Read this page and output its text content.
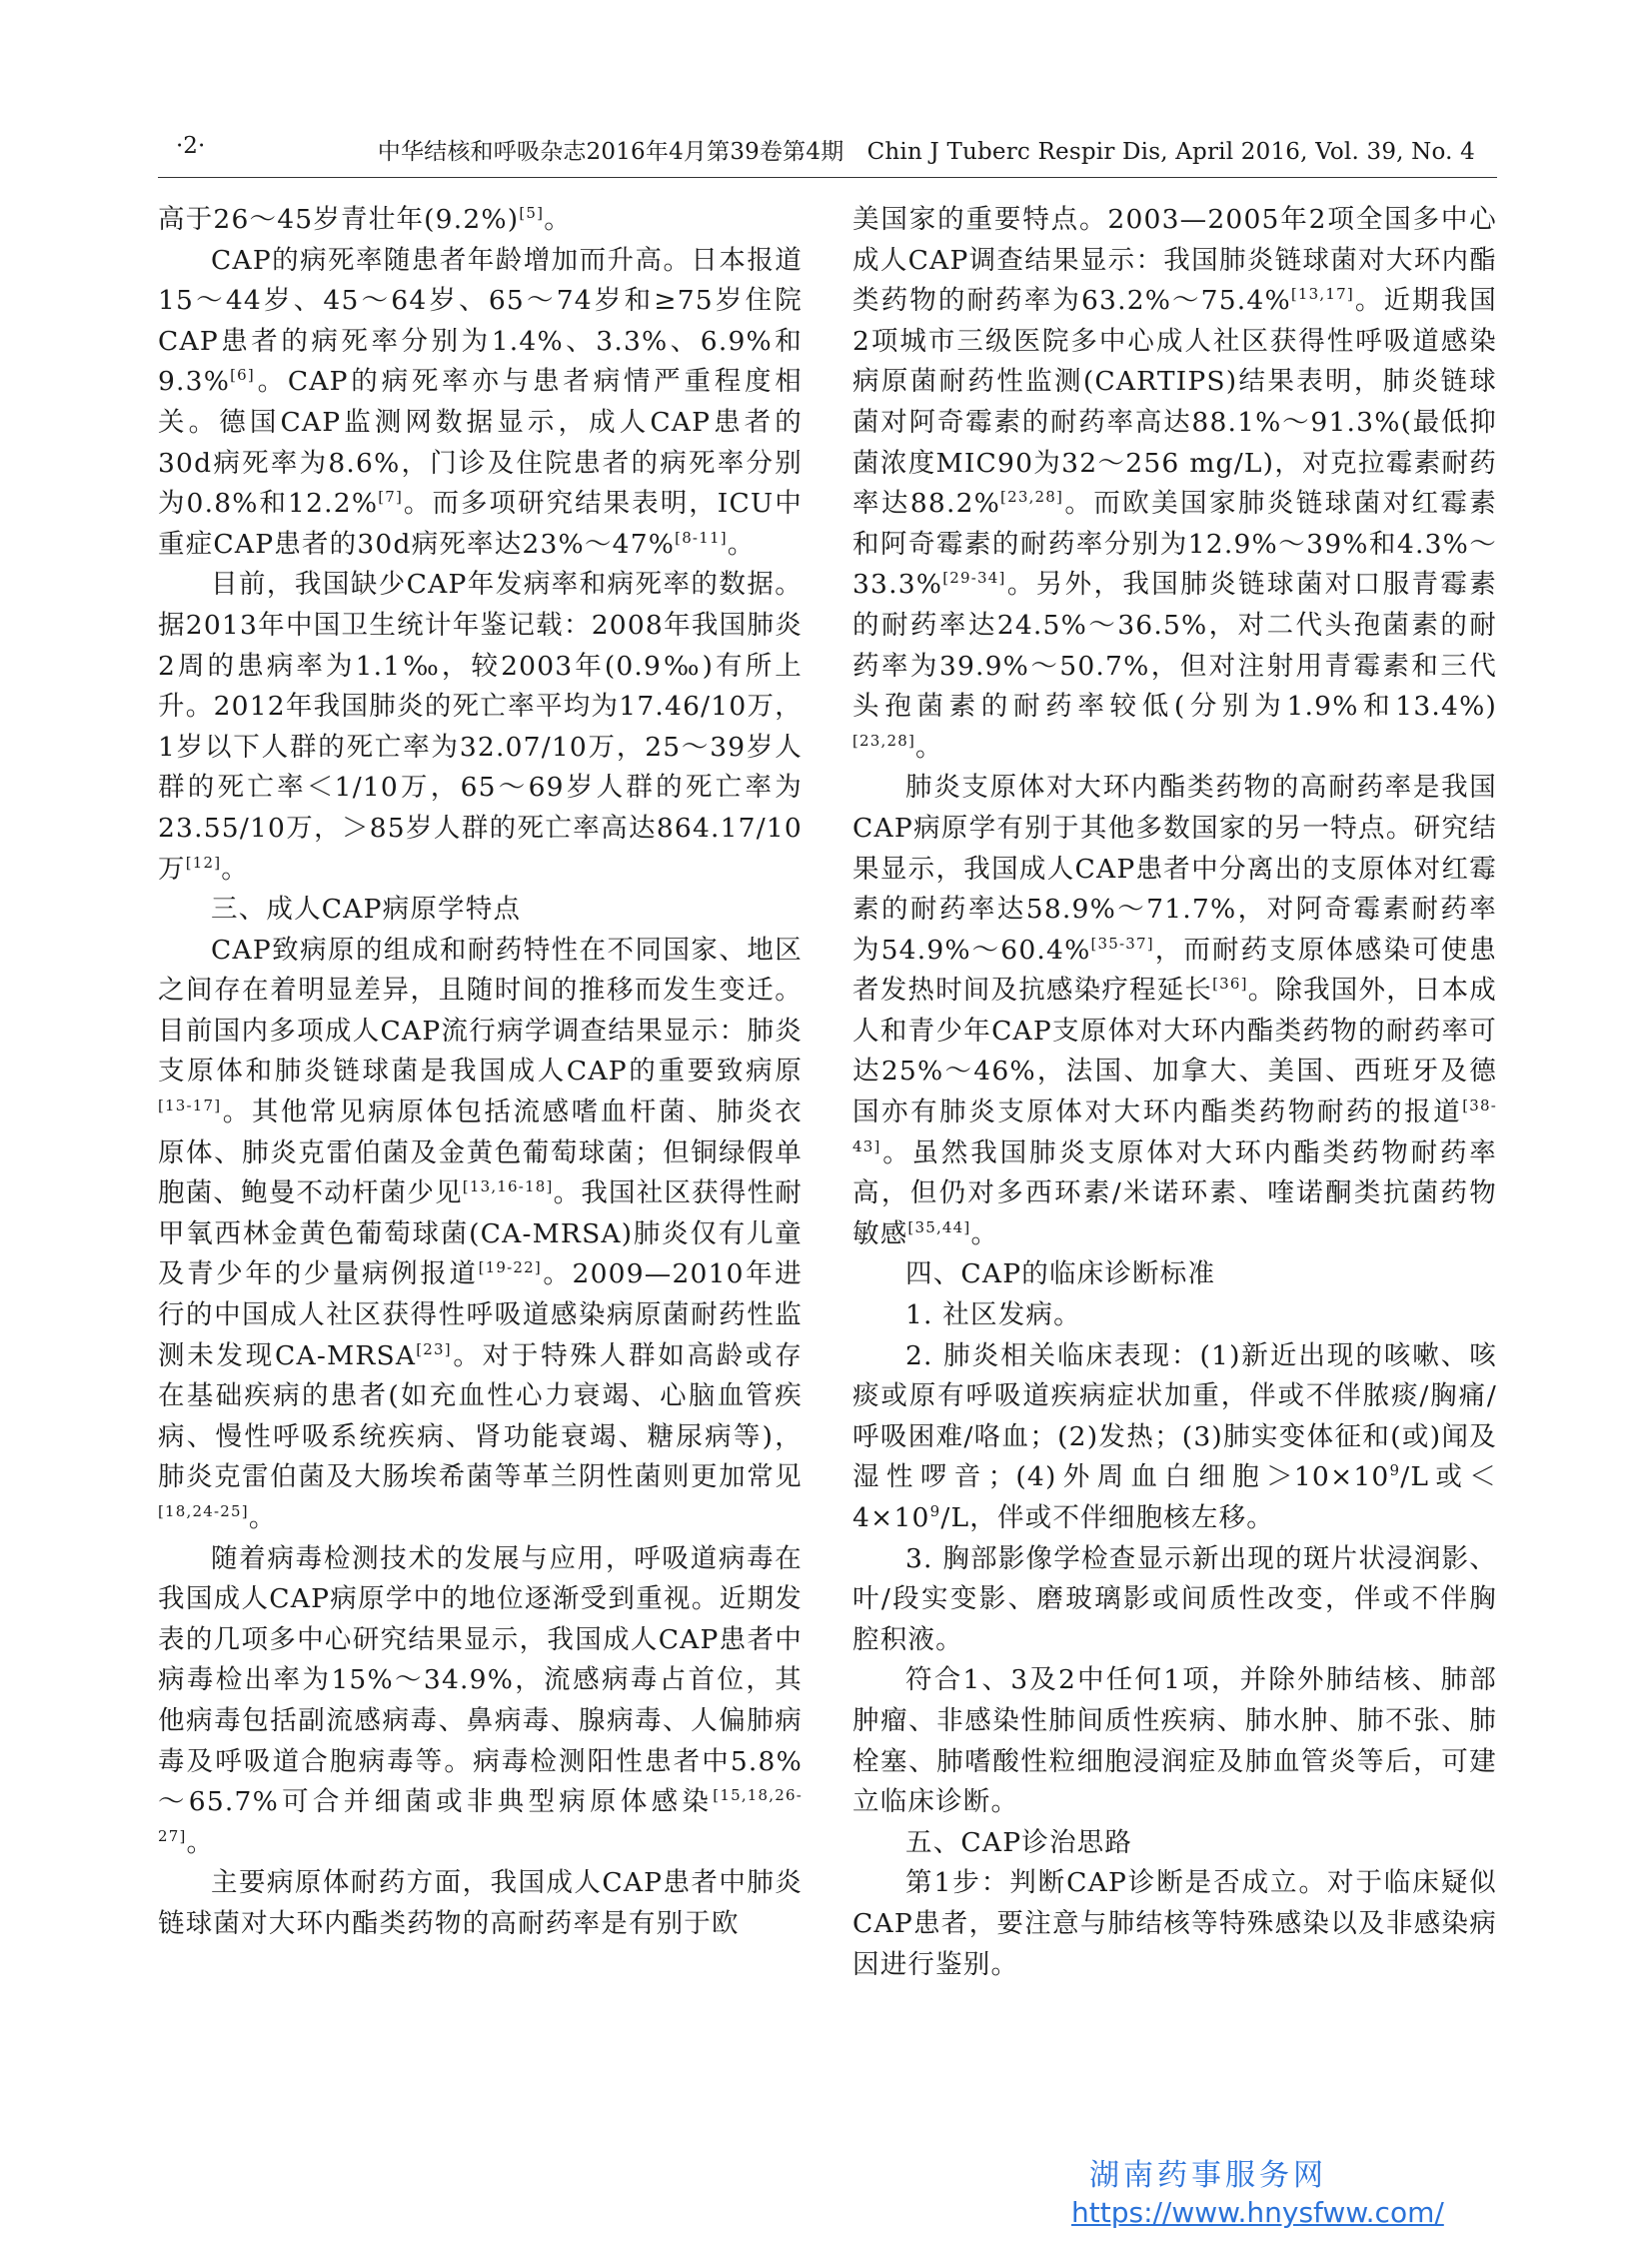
·2·	中华结核和呼吸杂志2016年4月第39卷第4期　Chin J Tuberc Respir Dis, April 2016, Vol. 39, No. 4

高于26～45岁青壮年(9.2%)[5]。

CAP的病死率随患者年龄增加而升高。日本报道15～44岁、45～64岁、65～74岁和≥75岁住院CAP患者的病死率分别为1.4%、3.3%、6.9%和9.3%[6]。CAP的病死率亦与患者病情严重程度相关。德国CAP监测网数据显示，成人CAP患者的30d病死率为8.6%，门诊及住院患者的病死率分别为0.8%和12.2%[7]。而多项研究结果表明，ICU中重症CAP患者的30d病死率达23%～47%[8-11]。

目前，我国缺少CAP年发病率和病死率的数据。据2013年中国卫生统计年鉴记载：2008年我国肺炎2周的患病率为1.1‰，较2003年(0.9‰)有所上升。2012年我国肺炎的死亡率平均为17.46/10万，1岁以下人群的死亡率为32.07/10万，25～39岁人群的死亡率＜1/10万，65～69岁人群的死亡率为23.55/10万，＞85岁人群的死亡率高达864.17/10万[12]。

三、成人CAP病原学特点

CAP致病原的组成和耐药特性在不同国家、地区之间存在着明显差异，且随时间的推移而发生变迁。目前国内多项成人CAP流行病学调查结果显示：肺炎支原体和肺炎链球菌是我国成人CAP的重要致病原[13-17]。其他常见病原体包括流感嗜血杆菌、肺炎衣原体、肺炎克雷伯菌及金黄色葡萄球菌；但铜绿假单胞菌、鲍曼不动杆菌少见[13,16-18]。我国社区获得性耐甲氧西林金黄色葡萄球菌(CA-MRSA)肺炎仅有儿童及青少年的少量病例报道[19-22]。2009—2010年进行的中国成人社区获得性呼吸道感染病原菌耐药性监测未发现CA-MRSA[23]。对于特殊人群如高龄或存在基础疾病的患者(如充血性心力衰竭、心脑血管疾病、慢性呼吸系统疾病、肾功能衰竭、糖尿病等)，肺炎克雷伯菌及大肠埃希菌等革兰阴性菌则更加常见[18,24-25]。

随着病毒检测技术的发展与应用，呼吸道病毒在我国成人CAP病原学中的地位逐渐受到重视。近期发表的几项多中心研究结果显示，我国成人CAP患者中病毒检出率为15%～34.9%，流感病毒占首位，其他病毒包括副流感病毒、鼻病毒、腺病毒、人偏肺病毒及呼吸道合胞病毒等。病毒检测阳性患者中5.8%～65.7%可合并细菌或非典型病原体感染[15,18,26-27]。

主要病原体耐药方面，我国成人CAP患者中肺炎链球菌对大环内酯类药物的高耐药率是有别于欧

美国家的重要特点。2003—2005年2项全国多中心成人CAP调查结果显示：我国肺炎链球菌对大环内酯类药物的耐药率为63.2%～75.4%[13,17]。近期我国2项城市三级医院多中心成人社区获得性呼吸道感染病原菌耐药性监测(CARTIPS)结果表明，肺炎链球菌对阿奇霉素的耐药率高达88.1%～91.3%(最低抑菌浓度MIC90为32～256 mg/L)，对克拉霉素耐药率达88.2%[23,28]。而欧美国家肺炎链球菌对红霉素和阿奇霉素的耐药率分别为12.9%～39%和4.3%～33.3%[29-34]。另外，我国肺炎链球菌对口服青霉素的耐药率达24.5%～36.5%，对二代头孢菌素的耐药率为39.9%～50.7%，但对注射用青霉素和三代头孢菌素的耐药率较低(分别为1.9%和13.4%)[23,28]。

肺炎支原体对大环内酯类药物的高耐药率是我国CAP病原学有别于其他多数国家的另一特点。研究结果显示，我国成人CAP患者中分离出的支原体对红霉素的耐药率达58.9%～71.7%，对阿奇霉素耐药率为54.9%～60.4%[35-37]，而耐药支原体感染可使患者发热时间及抗感染疗程延长[36]。除我国外，日本成人和青少年CAP支原体对大环内酯类药物的耐药率可达25%～46%，法国、加拿大、美国、西班牙及德国亦有肺炎支原体对大环内酯类药物耐药的报道[38-43]。虽然我国肺炎支原体对大环内酯类药物耐药率高，但仍对多西环素/米诺环素、喹诺酮类抗菌药物敏感[35,44]。

四、CAP的临床诊断标准

1. 社区发病。

2. 肺炎相关临床表现：(1)新近出现的咳嗽、咳痰或原有呼吸道疾病症状加重，伴或不伴脓痰/胸痛/呼吸困难/咯血；(2)发热；(3)肺实变体征和(或)闻及湿性啰音；(4)外周血白细胞$>10\times 10^9/L$或$<4\times 10^9/L$，伴或不伴细胞核左移。

3. 胸部影像学检查显示新出现的斑片状浸润影、叶/段实变影、磨玻璃影或间质性改变，伴或不伴胸腔积液。

符合1、3及2中任何1项，并除外肺结核、肺部肿瘤、非感染性肺间质性疾病、肺水肿、肺不张、肺栓塞、肺嗜酸性粒细胞浸润症及肺血管炎等后，可建立临床诊断。

五、CAP诊治思路

第1步：判断CAP诊断是否成立。对于临床疑似CAP患者，要注意与肺结核等特殊感染以及非感染病因进行鉴别。

湖南药事服务网
https://www.hnysfww.com/
